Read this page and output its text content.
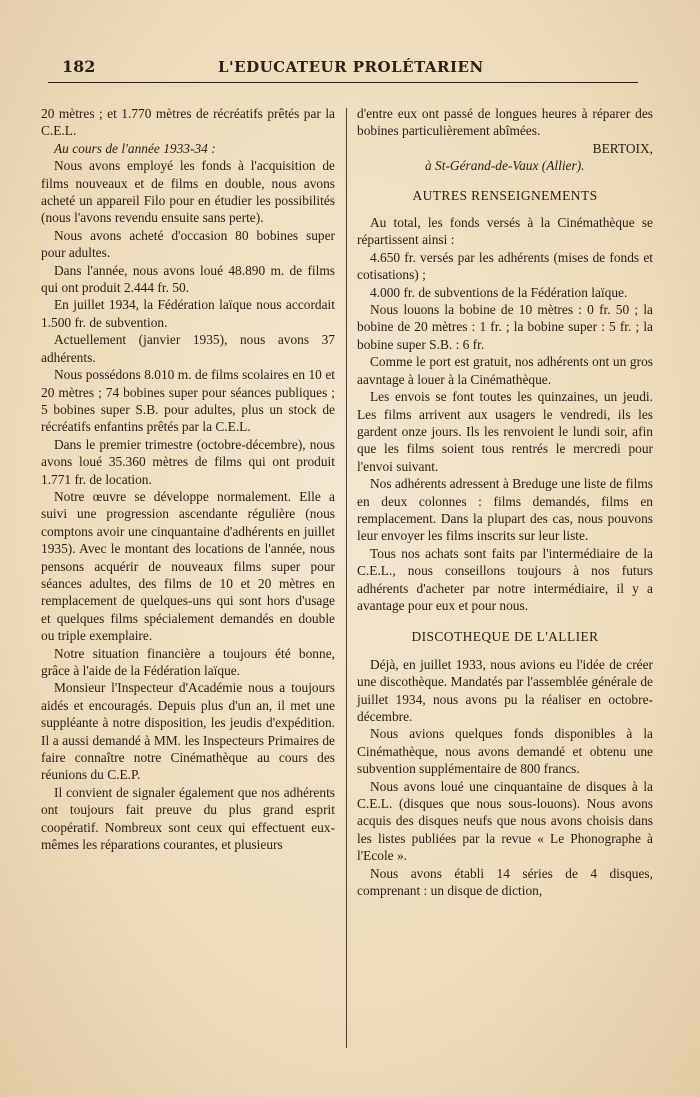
182	L'EDUCATEUR PROLÉTARIEN

20 mètres ; et 1.770 mètres de récréatifs prêtés par la C.E.L.

Au cours de l'année 1933-34 :

Nous avons employé les fonds à l'acquisition de films nouveaux et de films en double, nous avons acheté un appareil Filo pour en étudier les possibilités (nous l'avons revendu ensuite sans perte).

Nous avons acheté d'occasion 80 bobines super pour adultes.

Dans l'année, nous avons loué 48.890 m. de films qui ont produit 2.444 fr. 50.

En juillet 1934, la Fédération laïque nous accordait 1.500 fr. de subvention.

Actuellement (janvier 1935), nous avons 37 adhérents.

Nous possédons 8.010 m. de films scolaires en 10 et 20 mètres ; 74 bobines super pour séances publiques ; 5 bobines super S.B. pour adultes, plus un stock de récréatifs enfantins prêtés par la C.E.L.

Dans le premier trimestre (octobre-décembre), nous avons loué 35.360 mètres de films qui ont produit 1.771 fr. de location.

Notre œuvre se développe normalement. Elle a suivi une progression ascendante régulière (nous comptons avoir une cinquantaine d'adhérents en juillet 1935). Avec le montant des locations de l'année, nous pensons acquérir de nouveaux films super pour séances adultes, des films de 10 et 20 mètres en remplacement de quelques-uns qui sont hors d'usage et quelques films spécialement demandés en double ou triple exemplaire.

Notre situation financière a toujours été bonne, grâce à l'aide de la Fédération laïque.

Monsieur l'Inspecteur d'Académie nous a toujours aidés et encouragés. Depuis plus d'un an, il met une suppléante à notre disposition, les jeudis d'expédition. Il a aussi demandé à MM. les Inspecteurs Primaires de faire connaître notre Cinémathèque au cours des réunions du C.E.P.

Il convient de signaler également que nos adhérents ont toujours fait preuve du plus grand esprit coopératif. Nombreux sont ceux qui effectuent eux-mêmes les réparations courantes, et plusieurs

d'entre eux ont passé de longues heures à réparer des bobines particulièrement abîmées.

BERTOIX,

à St-Gérand-de-Vaux (Allier).

AUTRES RENSEIGNEMENTS

Au total, les fonds versés à la Cinémathèque se répartissent ainsi :

4.650 fr. versés par les adhérents (mises de fonds et cotisations) ;

4.000 fr. de subventions de la Fédération laïque.

Nous louons la bobine de 10 mètres : 0 fr. 50 ; la bobine de 20 mètres : 1 fr. ; la bobine super : 5 fr. ; la bobine super S.B. : 6 fr.

Comme le port est gratuit, nos adhérents ont un gros aavntage à louer à la Cinémathèque.

Les envois se font toutes les quinzaines, un jeudi. Les films arrivent aux usagers le vendredi, ils les gardent onze jours. Ils les renvoient le lundi soir, afin que les films soient tous rentrés le mercredi pour l'envoi suivant.

Nos adhérents adressent à Breduge une liste de films en deux colonnes : films demandés, films en remplacement. Dans la plupart des cas, nous pouvons leur envoyer les films inscrits sur leur liste.

Tous nos achats sont faits par l'intermédiaire de la C.E.L., nous conseillons toujours à nos futurs adhérents d'acheter par notre intermédiaire, il y a avantage pour eux et pour nous.

DISCOTHEQUE DE L'ALLIER

Déjà, en juillet 1933, nous avions eu l'idée de créer une discothèque. Mandatés par l'assemblée générale de juillet 1934, nous avons pu la réaliser en octobre-décembre.

Nous avions quelques fonds disponibles à la Cinémathèque, nous avons demandé et obtenu une subvention supplémentaire de 800 francs.

Nous avons loué une cinquantaine de disques à la C.E.L. (disques que nous sous-louons). Nous avons acquis des disques neufs que nous avons choisis dans les listes publiées par la revue « Le Phonographe à l'Ecole ».

Nous avons établi 14 séries de 4 disques, comprenant : un disque de diction,
